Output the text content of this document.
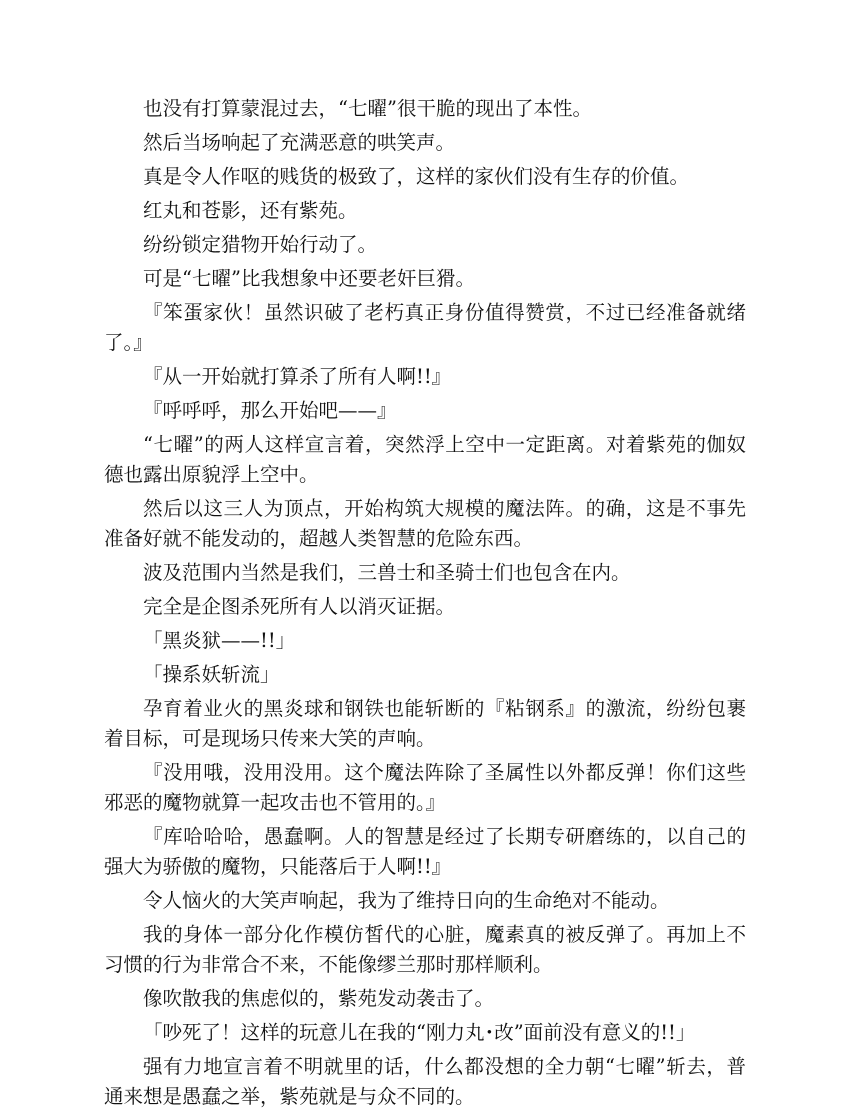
也没有打算蒙混过去，“七曜”很干脆的现出了本性。

然后当场响起了充满恶意的哄笑声。

真是令人作呕的贱货的极致了，这样的家伙们没有生存的价值。

红丸和苍影，还有紫苑。

纷纷锁定猎物开始行动了。

可是“七曜”比我想象中还要老奸巨猾。

『笨蛋家伙！虽然识破了老朽真正身份值得赞赏，不过已经准备就绪了。』

『从一开始就打算杀了所有人啊!!』

『呼呼呼，那么开始吧——』

“七曜”的两人这样宣言着，突然浮上空中一定距离。对着紫苑的伽奴德也露出原貌浮上空中。

然后以这三人为顶点，开始构筑大规模的魔法阵。的确，这是不事先准备好就不能发动的，超越人类智慧的危险东西。

波及范围内当然是我们，三兽士和圣骑士们也包含在内。

完全是企图杀死所有人以消灭证据。

「黑炎狱——!!」

「操系妖斩流」

孕育着业火的黑炎球和钢铁也能斩断的『粘钢系』的激流，纷纷包裹着目标，可是现场只传来大笑的声响。

『没用哦，没用没用。这个魔法阵除了圣属性以外都反弹！你们这些邪恶的魔物就算一起攻击也不管用的。』

『库哈哈哈，愚蠢啊。人的智慧是经过了长期专研磨练的，以自己的强大为骄傲的魔物，只能落后于人啊!!』

令人恼火的大笑声响起，我为了维持日向的生命绝对不能动。

我的身体一部分化作模仿皙代的心脏，魔素真的被反弹了。再加上不习惯的行为非常合不来，不能像缪兰那时那样顺利。

像吹散我的焦虑似的，紫苑发动袭击了。

「吵死了！这样的玩意儿在我的“刚力丸･改”面前没有意义的!!」

强有力地宣言着不明就里的话，什么都没想的全力朝“七曜”斩去，普通来想是愚蠢之举，紫苑就是与众不同的。
